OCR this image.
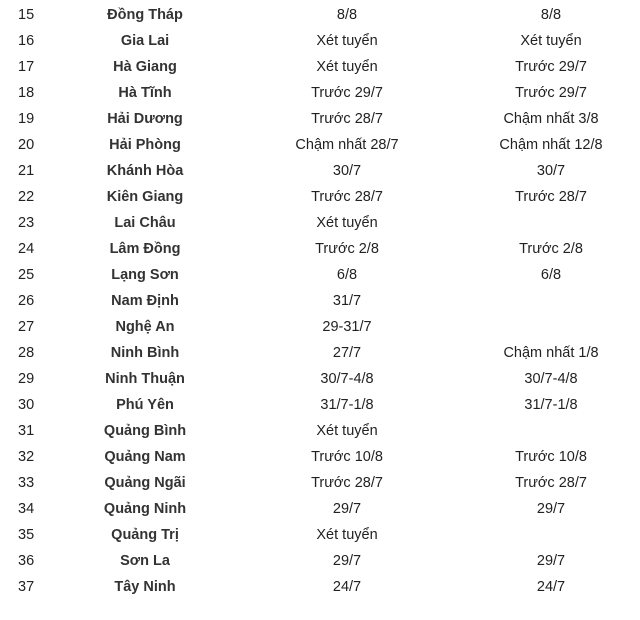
15	Đồng Tháp	8/8	8/8
16	Gia Lai	Xét tuyển	Xét tuyển
17	Hà Giang	Xét tuyển	Trước 29/7
18	Hà Tĩnh	Trước 29/7	Trước 29/7
19	Hải Dương	Trước 28/7	Chậm nhất 3/8
20	Hải Phòng	Chậm nhất 28/7	Chậm nhất 12/8
21	Khánh Hòa	30/7	30/7
22	Kiên Giang	Trước 28/7	Trước 28/7
23	Lai Châu	Xét tuyển
24	Lâm Đồng	Trước 2/8	Trước 2/8
25	Lạng Sơn	6/8	6/8
26	Nam Định	31/7
27	Nghệ An	29-31/7
28	Ninh Bình	27/7	Chậm nhất 1/8
29	Ninh Thuận	30/7-4/8	30/7-4/8
30	Phú Yên	31/7-1/8	31/7-1/8
31	Quảng Bình	Xét tuyển
32	Quảng Nam	Trước 10/8	Trước 10/8
33	Quảng Ngãi	Trước 28/7	Trước 28/7
34	Quảng Ninh	29/7	29/7
35	Quảng Trị	Xét tuyển
36	Sơn La	29/7	29/7
37	Tây Ninh	24/7	24/7
